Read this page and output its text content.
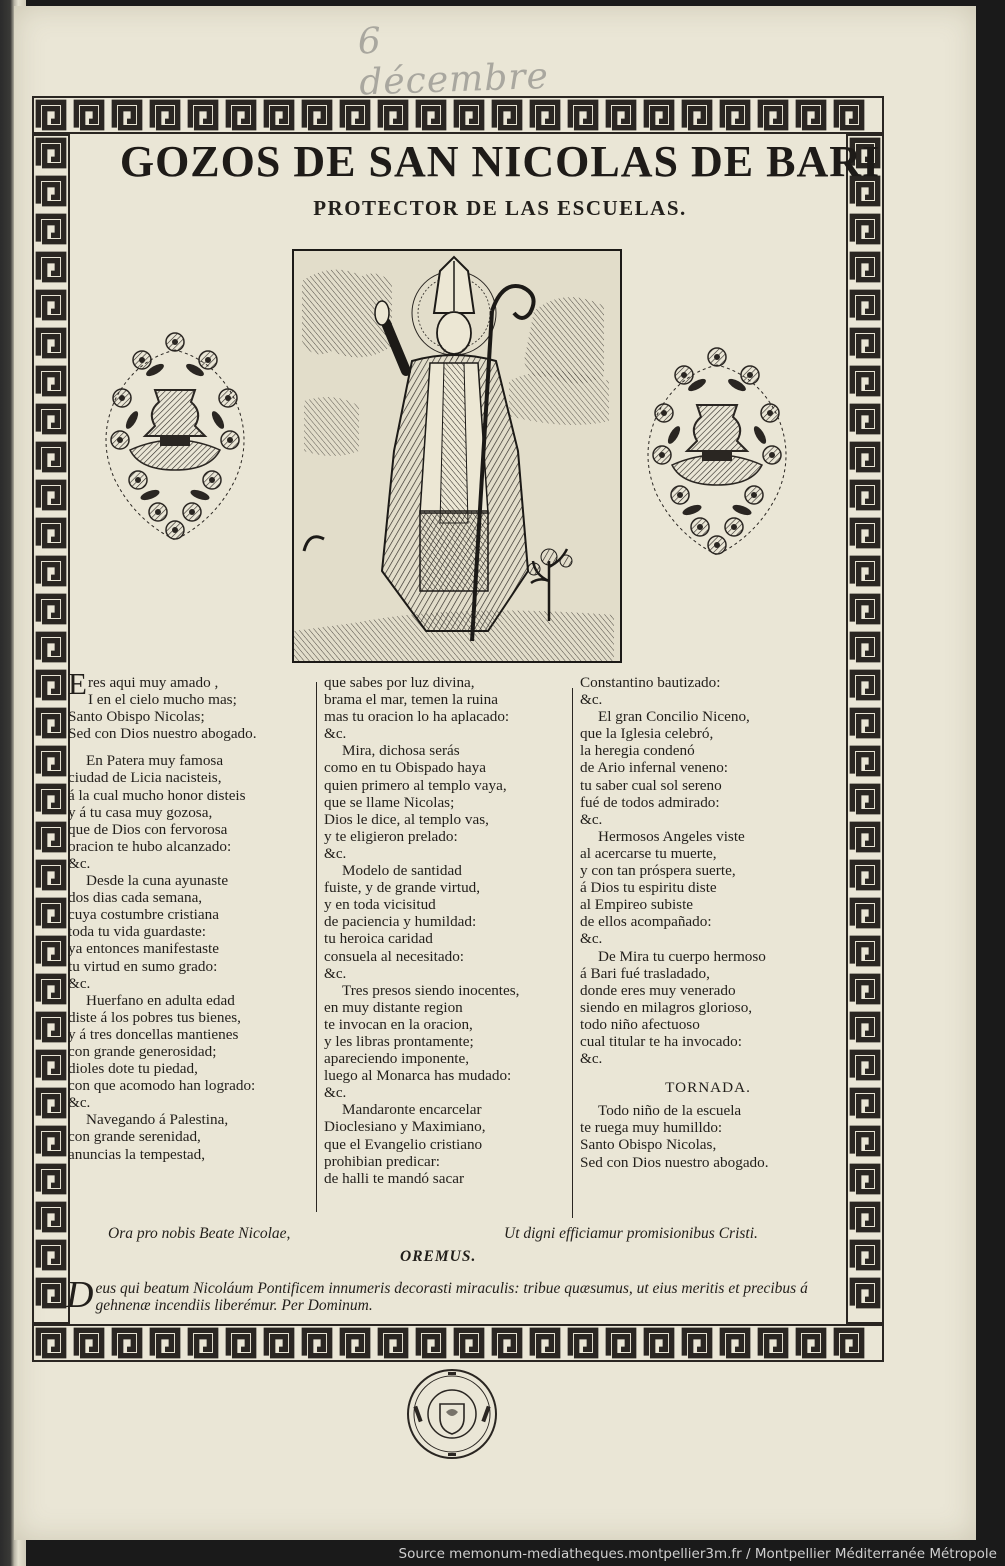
6 décembre
GOZOS DE SAN NICOLAS DE BARI
PROTECTOR DE LAS ESCUELAS.

Eres aqui muy amado ,

I en el cielo mucho mas;

Santo Obispo Nicolas;

Sed con Dios nuestro abogado.

En Patera muy famosa

ciudad de Licia nacisteis,

á la cual mucho honor disteis

y á tu casa muy gozosa,

que de Dios con fervorosa

oracion te hubo alcanzado:

&c.

Desde la cuna ayunaste

dos dias cada semana,

cuya costumbre cristiana

toda tu vida guardaste:

ya entonces manifestaste

tu virtud en sumo grado:

&c.

Huerfano en adulta edad

diste á los pobres tus bienes,

y á tres doncellas mantienes

con grande generosidad;

dioles dote tu piedad,

con que acomodo han logrado:

&c.

Navegando á Palestina,

con grande serenidad,

anuncias la tempestad,

que sabes por luz divina,

brama el mar, temen la ruina

mas tu oracion lo ha aplacado:

&c.

Mira, dichosa serás

como en tu Obispado haya

quien primero al templo vaya,

que se llame Nicolas;

Dios le dice, al templo vas,

y te eligieron prelado:

&c.

Modelo de santidad

fuiste, y de grande virtud,

y en toda vicisitud

de paciencia y humildad:

tu heroica caridad

consuela al necesitado:

&c.

Tres presos siendo inocentes,

en muy distante region

te invocan en la oracion,

y les libras prontamente;

apareciendo imponente,

luego al Monarca has mudado:

&c.

Mandaronte encarcelar

Dioclesiano y Maximiano,

que el Evangelio cristiano

prohibian predicar:

de halli te mandó sacar

Constantino bautizado:

&c.

El gran Concilio Niceno,

que la Iglesia celebró,

la heregia condenó

de Ario infernal veneno:

tu saber cual sol sereno

fué de todos admirado:

&c.

Hermosos Angeles viste

al acercarse tu muerte,

y con tan próspera suerte,

á Dios tu espiritu diste

al Empireo subiste

de ellos acompañado:

&c.

De Mira tu cuerpo hermoso

á Bari fué trasladado,

donde eres muy venerado

siendo en milagros glorioso,

todo niño afectuoso

cual titular te ha invocado:

&c.

TORNADA.

Todo niño de la escuela

te ruega muy humilldo:

Santo Obispo Nicolas,

Sed con Dios nuestro abogado.

Ora pro nobis Beate Nicolae,	Ut digni efficiamur promisionibus Cristi.
OREMUS.
Deus qui beatum Nicoláum Pontificem innumeris decorasti miraculis: tribue quæsumus, ut eius meritis et precibus á gehnenæ incendiis liberémur. Per Dominum.
Source memonum-mediatheques.montpellier3m.fr / Montpellier Méditerranée Métropole
